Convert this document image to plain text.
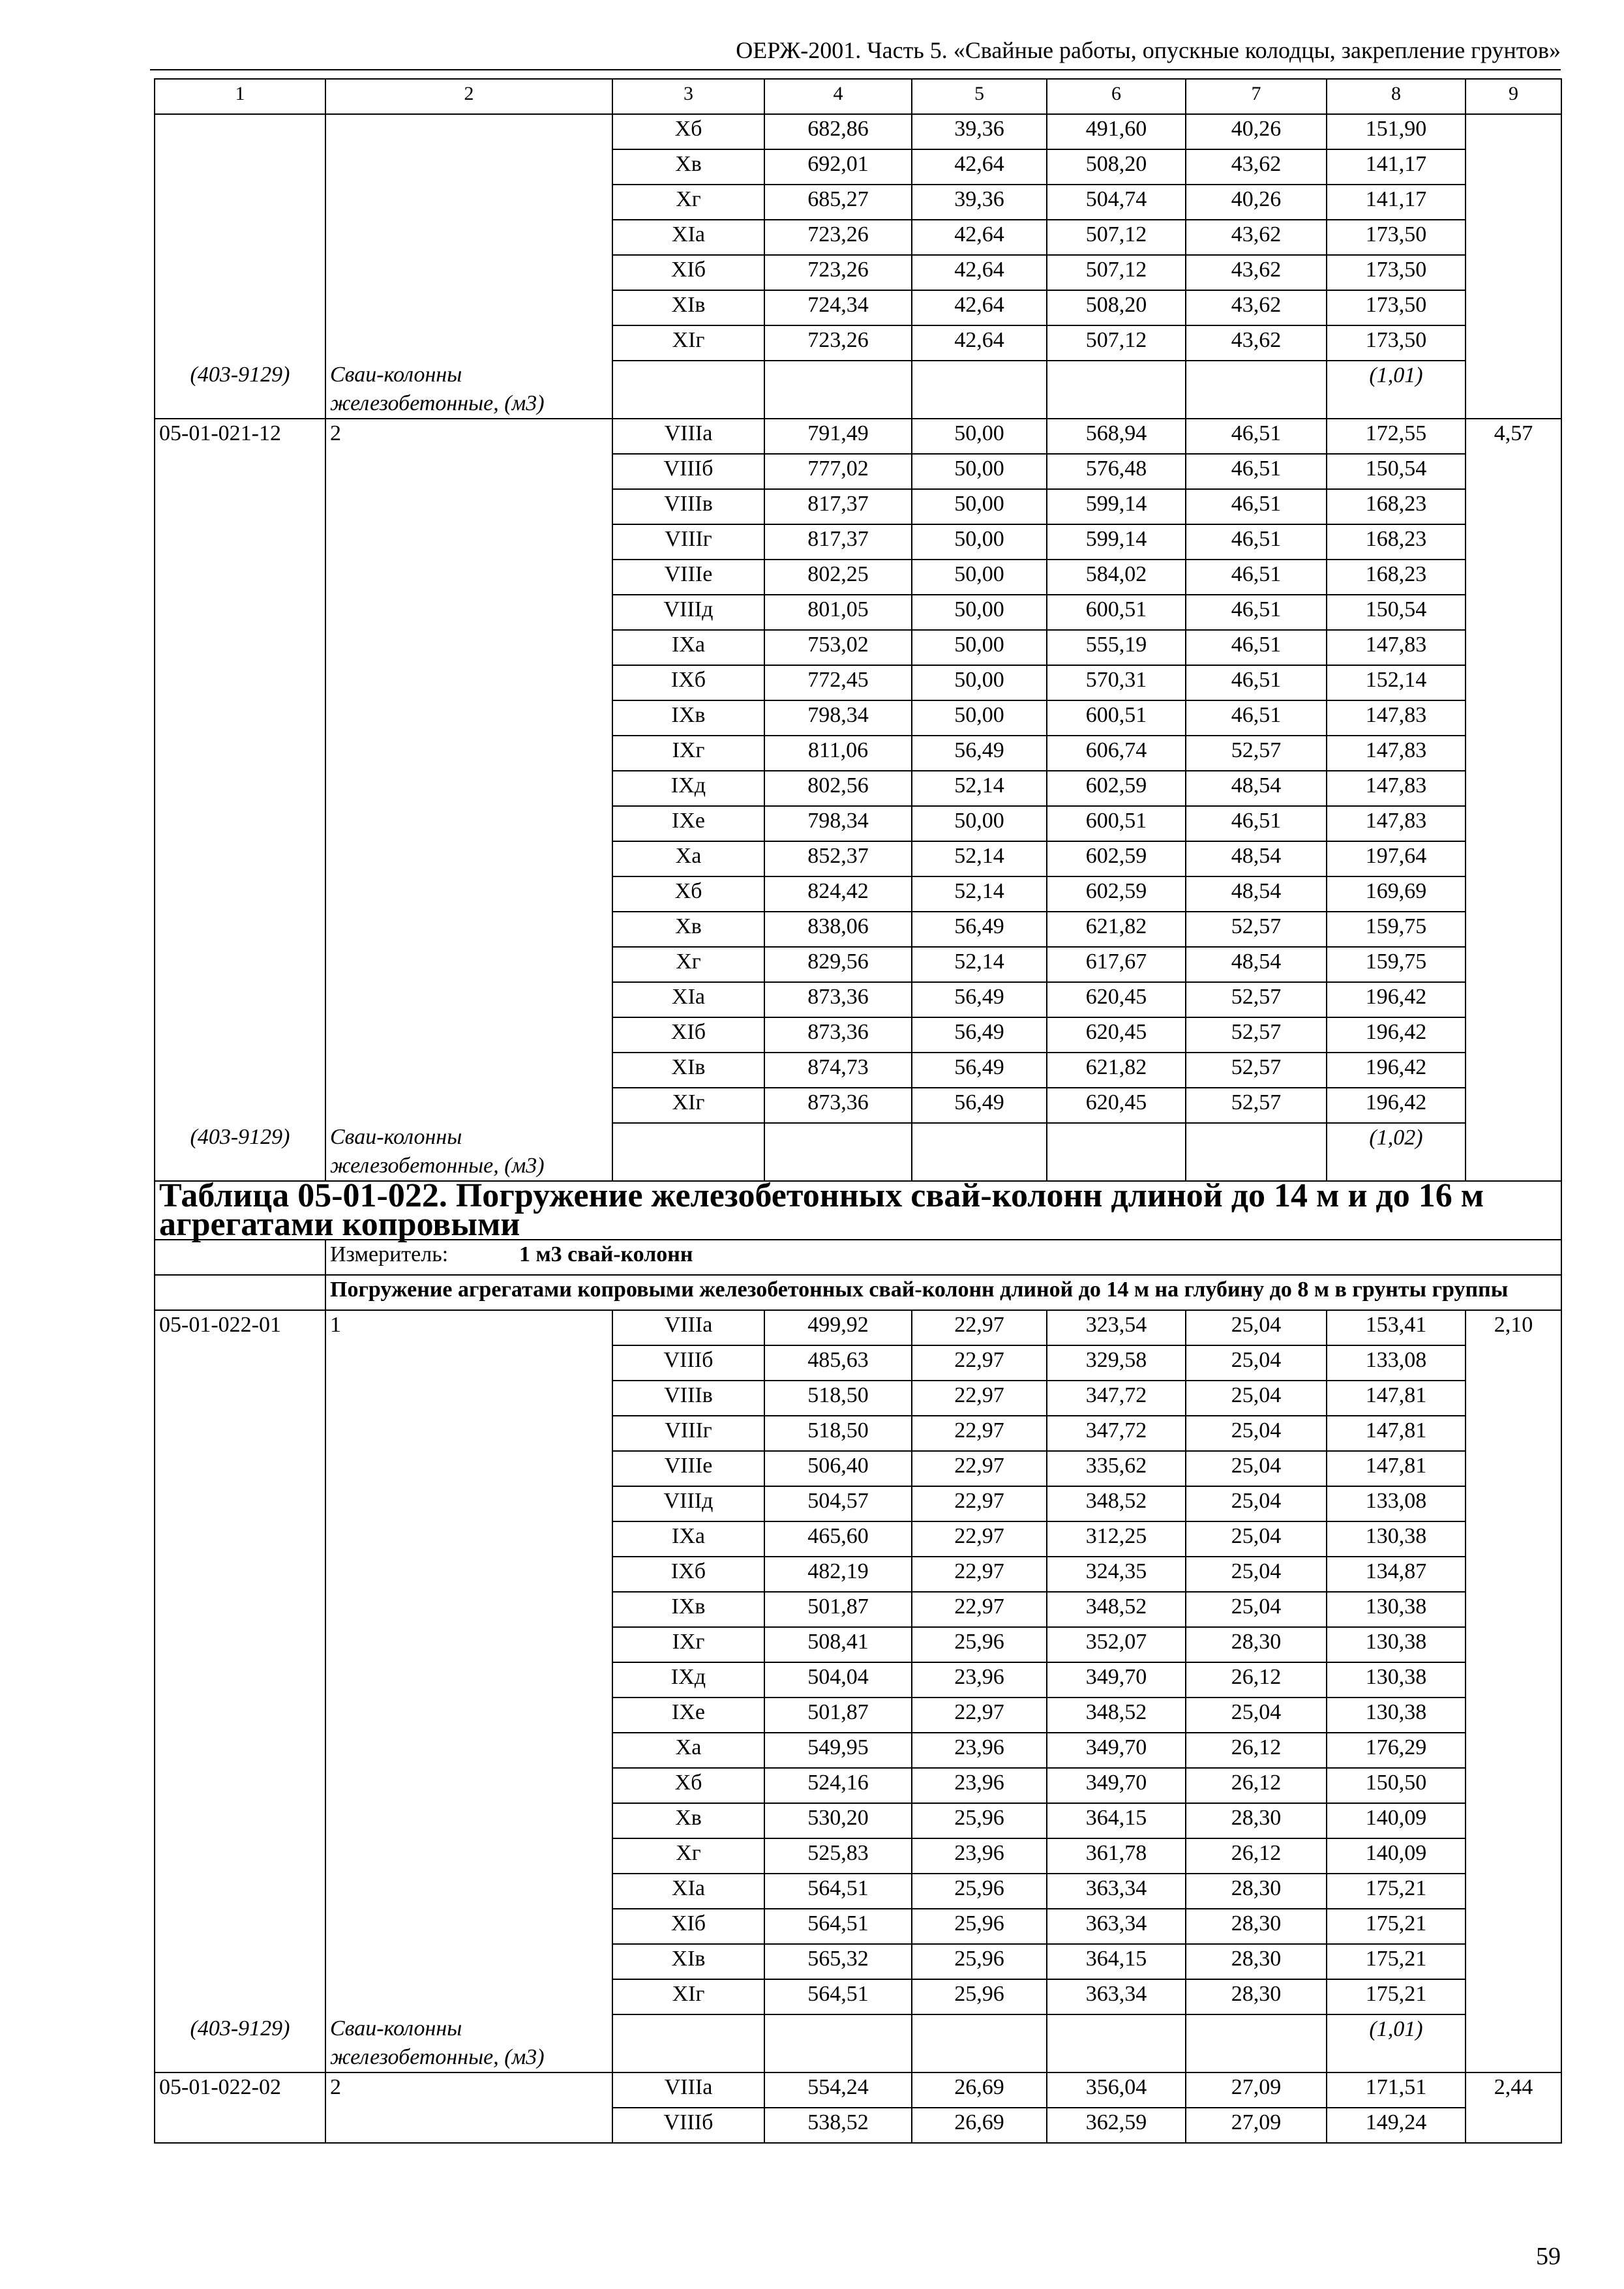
ОЕРЖ-2001. Часть 5. «Свайные работы, опускные колодцы, закрепление грунтов»
1	2	3	4	5	6	7	8	9
		Хб	682,86	39,36	491,60	40,26	151,90	
		Хв	692,01	42,64	508,20	43,62	141,17	
		Хг	685,27	39,36	504,74	40,26	141,17	
		ХIа	723,26	42,64	507,12	43,62	173,50	
		ХIб	723,26	42,64	507,12	43,62	173,50	
		ХIв	724,34	42,64	508,20	43,62	173,50	
		ХIг	723,26	42,64	507,12	43,62	173,50	
(403-9129)	Сваи-колонны железобетонные, (м3)						(1,01)	
05-01-021-12	2	VIIIа	791,49	50,00	568,94	46,51	172,55	4,57
		VIIIб	777,02	50,00	576,48	46,51	150,54	
		VIIIв	817,37	50,00	599,14	46,51	168,23	
		VIIIг	817,37	50,00	599,14	46,51	168,23	
		VIIIе	802,25	50,00	584,02	46,51	168,23	
		VIIIд	801,05	50,00	600,51	46,51	150,54	
		IХа	753,02	50,00	555,19	46,51	147,83	
		IХб	772,45	50,00	570,31	46,51	152,14	
		IХв	798,34	50,00	600,51	46,51	147,83	
		IХг	811,06	56,49	606,74	52,57	147,83	
		IХд	802,56	52,14	602,59	48,54	147,83	
		IХе	798,34	50,00	600,51	46,51	147,83	
		Ха	852,37	52,14	602,59	48,54	197,64	
		Хб	824,42	52,14	602,59	48,54	169,69	
		Хв	838,06	56,49	621,82	52,57	159,75	
		Хг	829,56	52,14	617,67	48,54	159,75	
		ХIа	873,36	56,49	620,45	52,57	196,42	
		ХIб	873,36	56,49	620,45	52,57	196,42	
		ХIв	874,73	56,49	621,82	52,57	196,42	
		ХIг	873,36	56,49	620,45	52,57	196,42	
(403-9129)	Сваи-колонны железобетонные, (м3)						(1,02)	
Таблица 05-01-022. Погружение железобетонных свай-колонн длиной до 14 м и до 16 м агрегатами копровыми								
	Измеритель: 1 м3 свай-колонн							
	Погружение агрегатами копровыми железобетонных свай-колонн длиной до 14 м на глубину до 8 м в грунты группы							
05-01-022-01	1	VIIIа	499,92	22,97	323,54	25,04	153,41	2,10
		VIIIб	485,63	22,97	329,58	25,04	133,08	
		VIIIв	518,50	22,97	347,72	25,04	147,81	
		VIIIг	518,50	22,97	347,72	25,04	147,81	
		VIIIе	506,40	22,97	335,62	25,04	147,81	
		VIIIд	504,57	22,97	348,52	25,04	133,08	
		IХа	465,60	22,97	312,25	25,04	130,38	
		IХб	482,19	22,97	324,35	25,04	134,87	
		IХв	501,87	22,97	348,52	25,04	130,38	
		IХг	508,41	25,96	352,07	28,30	130,38	
		IХд	504,04	23,96	349,70	26,12	130,38	
		IХе	501,87	22,97	348,52	25,04	130,38	
		Ха	549,95	23,96	349,70	26,12	176,29	
		Хб	524,16	23,96	349,70	26,12	150,50	
		Хв	530,20	25,96	364,15	28,30	140,09	
		Хг	525,83	23,96	361,78	26,12	140,09	
		ХIа	564,51	25,96	363,34	28,30	175,21	
		ХIб	564,51	25,96	363,34	28,30	175,21	
		ХIв	565,32	25,96	364,15	28,30	175,21	
		ХIг	564,51	25,96	363,34	28,30	175,21	
(403-9129)	Сваи-колонны железобетонные, (м3)						(1,01)	
05-01-022-02	2	VIIIа	554,24	26,69	356,04	27,09	171,51	2,44
		VIIIб	538,52	26,69	362,59	27,09	149,24	
59
